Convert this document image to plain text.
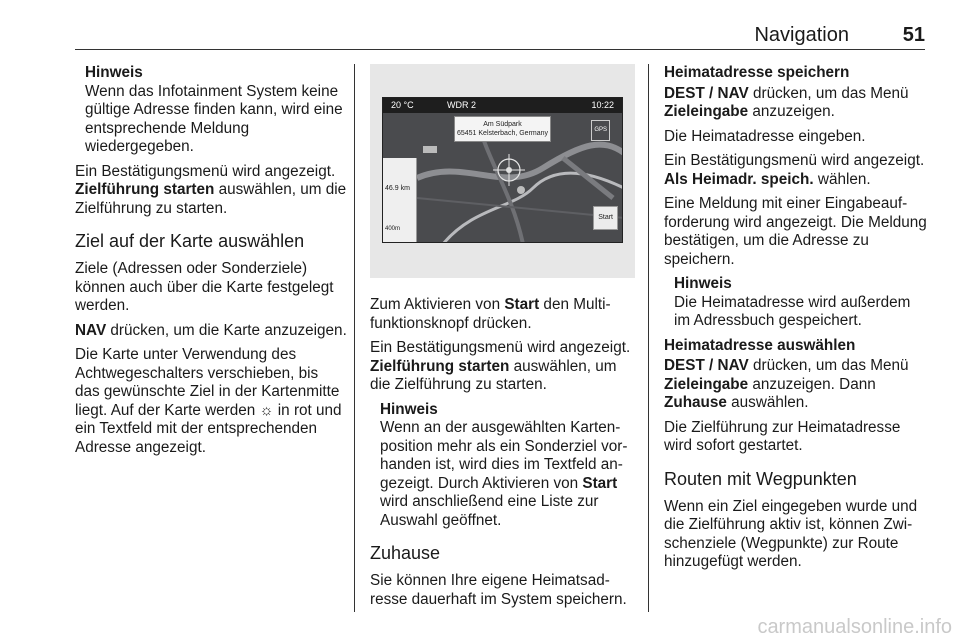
Navigation	51
Hinweis
Wenn das Infotainment System keine gültige Adresse finden kann, wird eine entsprechende Meldung wiedergegeben.

Ein Bestätigungsmenü wird angezeigt. Zielführung starten auswählen, um die Zielführung zu starten.

Ziel auf der Karte auswählen

Ziele (Adressen oder Sonderziele) können auch über die Karte festgelegt werden.

NAV drücken, um die Karte anzuzeigen.

Die Karte unter Verwendung des Achtwegeschalters verschieben, bis das gewünschte Ziel in der Kartenmitte liegt. Auf der Karte werden ☼ in rot und ein Textfeld mit der entsprechenden Adresse angezeigt.

20 °C	WDR 2	10:22
Am Südpark
65451 Kelsterbach, Germany	GPS
46.9 km
400m
Start

Zum Aktivieren von Start den Multifunktionsknopf drücken.

Ein Bestätigungsmenü wird angezeigt. Zielführung starten auswählen, um die Zielführung zu starten.

Hinweis
Wenn an der ausgewählten Kartenposition mehr als ein Sonderziel vorhanden ist, wird dies im Textfeld angezeigt. Durch Aktivieren von Start wird anschließend eine Liste zur Auswahl geöffnet.
Zuhause

Sie können Ihre eigene Heimatsadresse dauerhaft im System speichern.

Heimatadresse speichern

DEST / NAV drücken, um das Menü Zieleingabe anzuzeigen.

Die Heimatadresse eingeben.

Ein Bestätigungsmenü wird angezeigt. Als Heimadr. speich. wählen.

Eine Meldung mit einer Eingabeaufforderung wird angezeigt. Die Meldung bestätigen, um die Adresse zu speichern.

Hinweis
Die Heimatadresse wird außerdem im Adressbuch gespeichert.
Heimatadresse auswählen

DEST / NAV drücken, um das Menü Zieleingabe anzuzeigen. Dann Zuhause auswählen.

Die Zielführung zur Heimatadresse wird sofort gestartet.

Routen mit Wegpunkten

Wenn ein Ziel eingegeben wurde und die Zielführung aktiv ist, können Zwischenziele (Wegpunkte) zur Route hinzugefügt werden.

carmanualsonline.info
